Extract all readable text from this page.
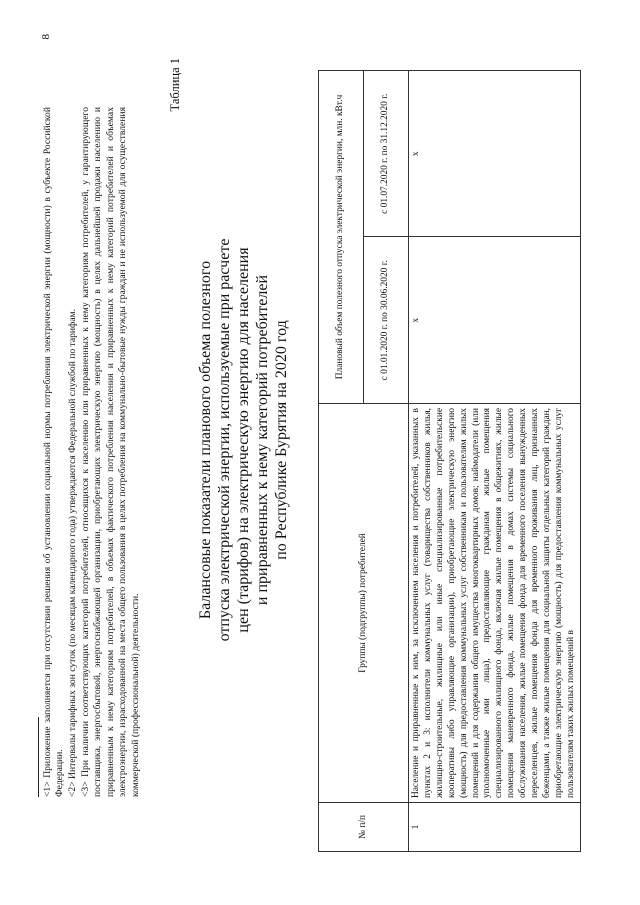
8
<1> Приложение заполняется при отсутствии решения об установлении социальной нормы потребления электрической энергии (мощности) в субъекте Российской Федерации. <2> Интервалы тарифных зон суток (по месяцам календарного года) утверждаются Федеральной службой по тарифам. <3> При наличии соответствующих категорий потребителей, относящихся к населению или приравненных к нему категориям потребителей, у гарантирующего поставщика, энергосбытовой, энергоснабжающей организации, приобретающих электрическую энергию (мощность) в целях дальнейшей продажи населению и приравненным к нему категориям потребителей, в объемах фактического потребления населения и приравненных к нему категорий потребителей и объемах электроэнергии, израсходованной на места общего пользования в целях потребления на коммунально-бытовые нужды граждан и не используемой для осуществления коммерческой (профессиональной) деятельности.
Таблица 1
Балансовые показатели планового объема полезного отпуска электрической энергии, используемые при расчете цен (тарифов) на электрическую энергию для населения и приравненных к нему категорий потребителей по Республике Бурятия на 2020 год
№ п/п	Группы (подгруппы) потребителей	Плановый объем полезного отпуска электрической энергии, млн. кВт.ч	
		с 01.01.2020 г. по 30.06.2020 г.	с 01.07.2020 г. по 31.12.2020 г.
1	Население и приравненные к ним, за исключением населения и потребителей, указанных в пунктах 2 и 3: исполнители коммунальных услуг (товарищества собственников жилья, жилищно-строительные, жилищные или иные специализированные потребительские кооперативы либо управляющие организации), приобретающие электрическую энергию (мощность) для предоставления коммунальных услуг собственникам и пользователям жилых помещений и для содержания общего имущества многоквартирных домов; наймодатели (или уполномоченные ими лица), предоставляющие гражданам жилые помещения специализированного жилищного фонда, включая жилые помещения в общежитиях, жилые помещения маневренного фонда, жилые помещения в домах системы социального обслуживания населения, жилые помещения фонда для временного поселения вынужденных переселенцев, жилые помещения фонда для временного проживания лиц, признанных беженцами, а также жилые помещения для социальной защиты отдельных категорий граждан, приобретающие электрическую энергию (мощность) для предоставления коммунальных услуг пользователям таких жилых помещений в	х	х
